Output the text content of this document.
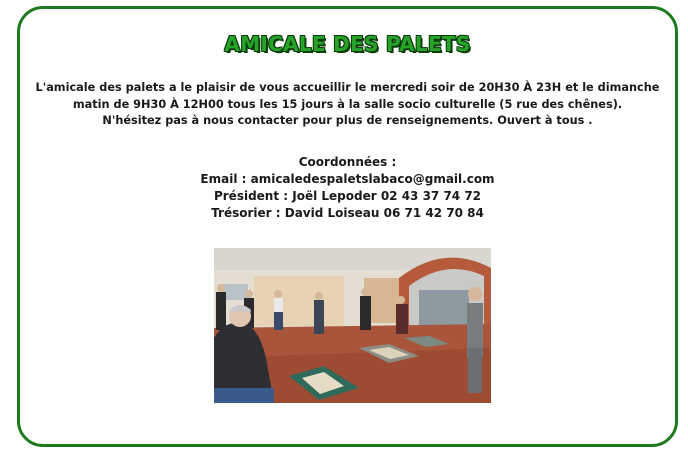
AMICALE DES PALETS
L'amicale des palets a le plaisir de vous accueillir le mercredi soir de 20H30 À 23H et le dimanche
matin de 9H30 À 12H00 tous les 15 jours à la salle socio culturelle (5 rue des chênes).
N'hésitez pas à nous contacter pour plus de renseignements. Ouvert à tous .
Coordonnées :
Email : amicaledespaletslabaco@gmail.com
Président : Joël Lepoder 02 43 37 74 72
Trésorier : David Loiseau 06 71 42 70 84
